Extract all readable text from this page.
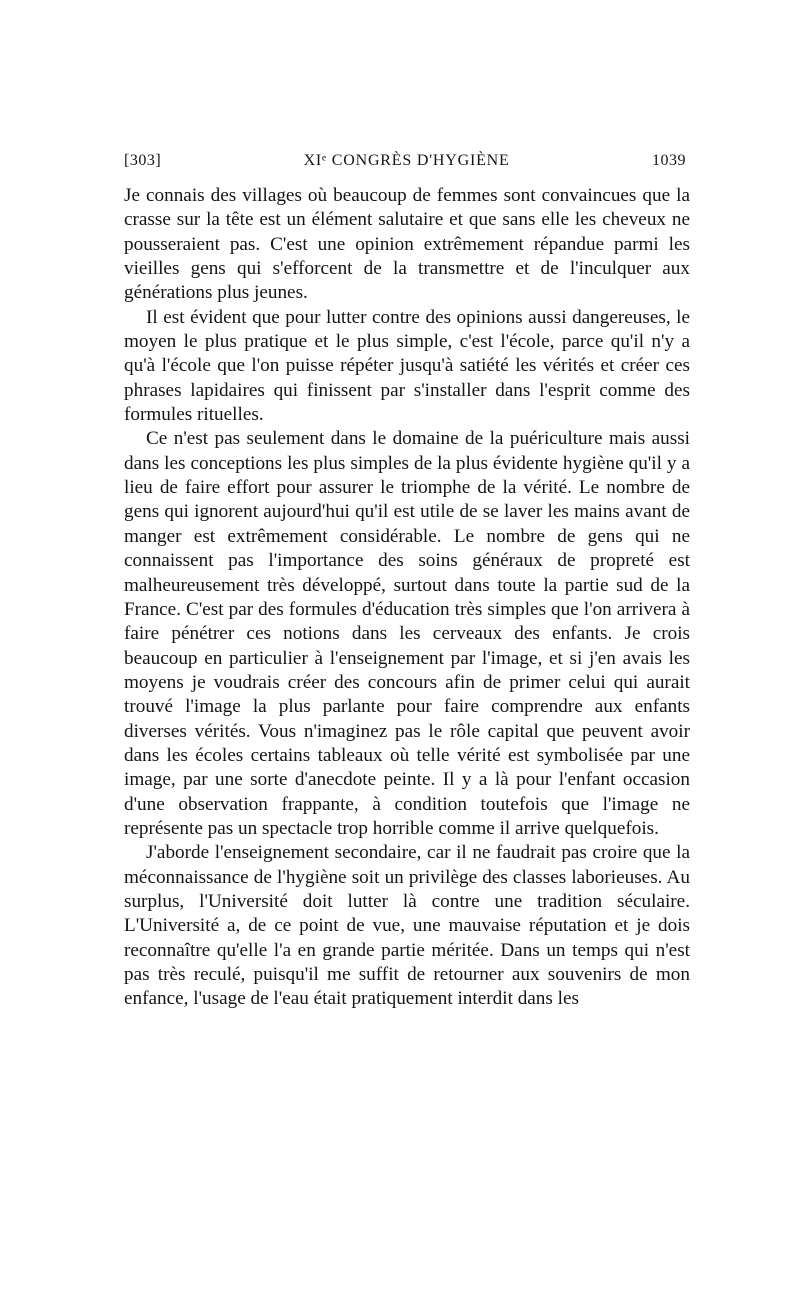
[303]	XIᵉ CONGRÈS D'HYGIÈNE	1039

Je connais des villages où beaucoup de femmes sont convaincues que la crasse sur la tête est un élément salutaire et que sans elle les cheveux ne pousseraient pas. C'est une opinion extrêmement répandue parmi les vieilles gens qui s'efforcent de la transmettre et de l'inculquer aux générations plus jeunes.

Il est évident que pour lutter contre des opinions aussi dangereuses, le moyen le plus pratique et le plus simple, c'est l'école, parce qu'il n'y a qu'à l'école que l'on puisse répéter jusqu'à satiété les vérités et créer ces phrases lapidaires qui finissent par s'installer dans l'esprit comme des formules rituelles.

Ce n'est pas seulement dans le domaine de la puériculture mais aussi dans les conceptions les plus simples de la plus évidente hygiène qu'il y a lieu de faire effort pour assurer le triomphe de la vérité. Le nombre de gens qui ignorent aujourd'hui qu'il est utile de se laver les mains avant de manger est extrêmement considérable. Le nombre de gens qui ne connaissent pas l'importance des soins généraux de propreté est malheureusement très développé, surtout dans toute la partie sud de la France. C'est par des formules d'éducation très simples que l'on arrivera à faire pénétrer ces notions dans les cerveaux des enfants. Je crois beaucoup en particulier à l'enseignement par l'image, et si j'en avais les moyens je voudrais créer des concours afin de primer celui qui aurait trouvé l'image la plus parlante pour faire comprendre aux enfants diverses vérités. Vous n'imaginez pas le rôle capital que peuvent avoir dans les écoles certains tableaux où telle vérité est symbolisée par une image, par une sorte d'anecdote peinte. Il y a là pour l'enfant occasion d'une observation frappante, à condition toutefois que l'image ne représente pas un spectacle trop horrible comme il arrive quelquefois.

J'aborde l'enseignement secondaire, car il ne faudrait pas croire que la méconnaissance de l'hygiène soit un privilège des classes laborieuses. Au surplus, l'Université doit lutter là contre une tradition séculaire. L'Université a, de ce point de vue, une mauvaise réputation et je dois reconnaître qu'elle l'a en grande partie méritée. Dans un temps qui n'est pas très reculé, puisqu'il me suffit de retourner aux souvenirs de mon enfance, l'usage de l'eau était pratiquement interdit dans les
